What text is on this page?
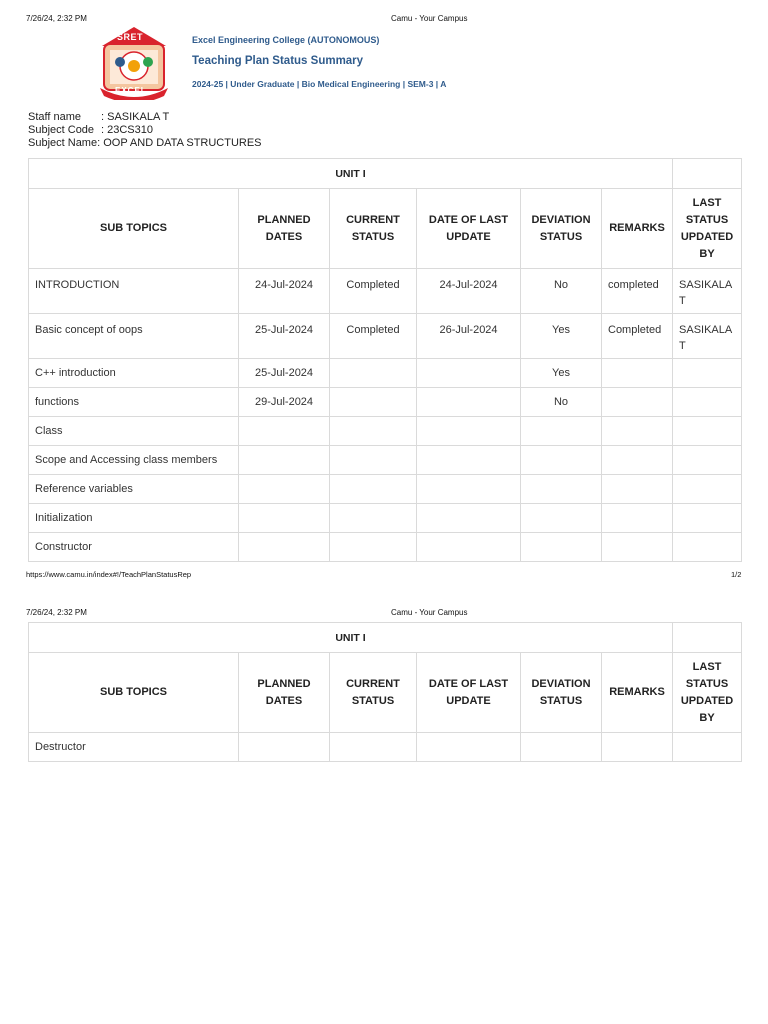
7/26/24, 2:32 PM	Camu - Your Campus
SRET
EXCEL
Excel Engineering College (AUTONOMOUS)
Teaching Plan Status Summary
2024-25 | Under Graduate | Bio Medical Engineering | SEM-3 | A
Staff name : SASIKALA T
Subject Code : 23CS310
Subject Name: OOP AND DATA STRUCTURES
UNIT I						
SUB TOPICS	PLANNED DATES	CURRENT STATUS	DATE OF LAST UPDATE	DEVIATION STATUS	REMARKS	LAST STATUS UPDATED BY
INTRODUCTION	24-Jul-2024	Completed	24-Jul-2024	No	completed	SASIKALA T
Basic concept of oops	25-Jul-2024	Completed	26-Jul-2024	Yes	Completed	SASIKALA T
C++ introduction	25-Jul-2024			Yes		
functions	29-Jul-2024			No		
Class						
Scope and Accessing class members						
Reference variables						
Initialization						
Constructor						
https://www.camu.in/index#!/TeachPlanStatusRep	1/2
7/26/24, 2:32 PM	Camu - Your Campus
UNIT I						
SUB TOPICS	PLANNED DATES	CURRENT STATUS	DATE OF LAST UPDATE	DEVIATION STATUS	REMARKS	LAST STATUS UPDATED BY
Destructor						
